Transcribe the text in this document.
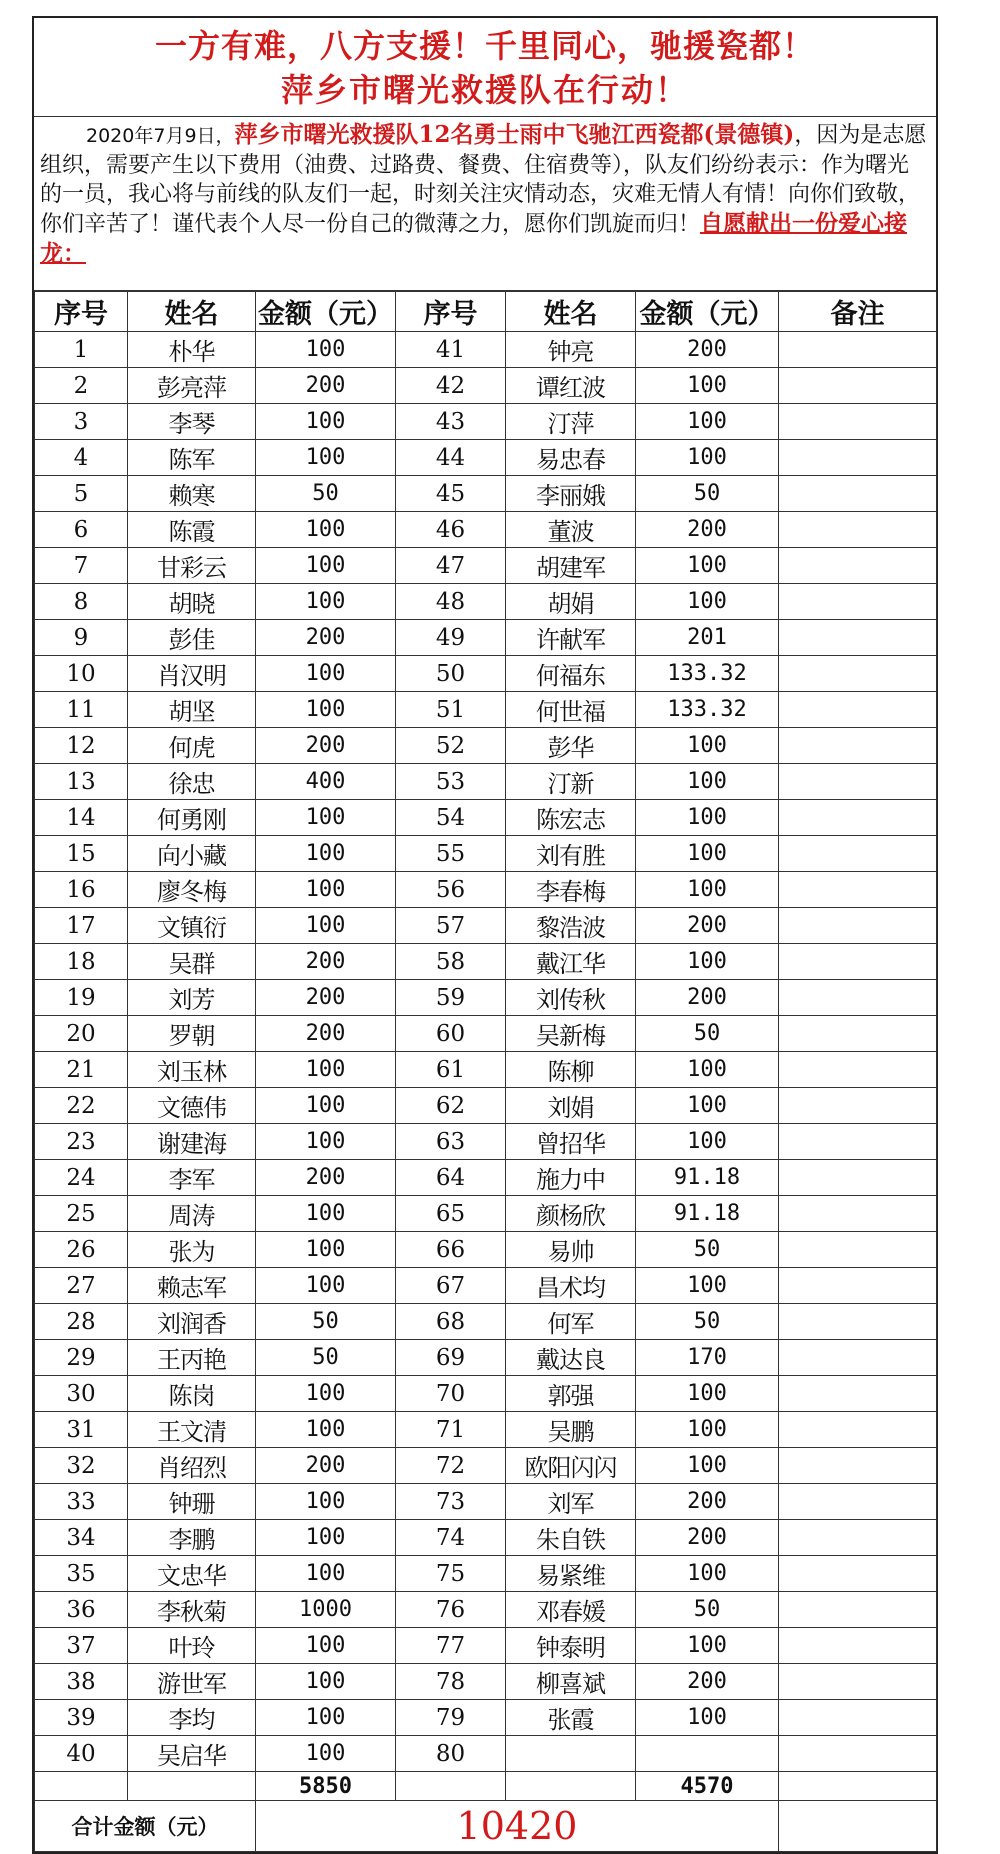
一方有难，八方支援！千里同心，驰援瓷都！
萍乡市曙光救援队在行动！
2020年7月9日，萍乡市曙光救援队12名勇士雨中飞驰江西瓷都(景德镇)，因为是志愿组织，需要产生以下费用（油费、过路费、餐费、住宿费等），队友们纷纷表示：作为曙光的一员，我心将与前线的队友们一起，时刻关注灾情动态，灾难无情人有情！向你们致敬，你们辛苦了！谨代表个人尽一份自己的微薄之力，愿你们凯旋而归！自愿献出一份爱心接龙：
序号	姓名	金额（元）	序号	姓名	金额（元）	备注
1	朴华	100	41	钟亮	200	
2	彭亮萍	200	42	谭红波	100	
3	李琴	100	43	汀萍	100	
4	陈军	100	44	易忠春	100	
5	赖寒	50	45	李丽娥	50	
6	陈霞	100	46	董波	200	
7	甘彩云	100	47	胡建军	100	
8	胡晓	100	48	胡娟	100	
9	彭佳	200	49	许献军	201	
10	肖汉明	100	50	何福东	133.32	
11	胡坚	100	51	何世福	133.32	
12	何虎	200	52	彭华	100	
13	徐忠	400	53	汀新	100	
14	何勇刚	100	54	陈宏志	100	
15	向小藏	100	55	刘有胜	100	
16	廖冬梅	100	56	李春梅	100	
17	文镇衍	100	57	黎浩波	200	
18	吴群	200	58	戴江华	100	
19	刘芳	200	59	刘传秋	200	
20	罗朝	200	60	吴新梅	50	
21	刘玉林	100	61	陈柳	100	
22	文德伟	100	62	刘娟	100	
23	谢建海	100	63	曾招华	100	
24	李军	200	64	施力中	91.18	
25	周涛	100	65	颜杨欣	91.18	
26	张为	100	66	易帅	50	
27	赖志军	100	67	昌术均	100	
28	刘润香	50	68	何军	50	
29	王丙艳	50	69	戴达良	170	
30	陈岗	100	70	郭强	100	
31	王文清	100	71	吴鹏	100	
32	肖绍烈	200	72	欧阳闪闪	100	
33	钟珊	100	73	刘军	200	
34	李鹏	100	74	朱自铁	200	
35	文忠华	100	75	易紧维	100	
36	李秋菊	1000	76	邓春媛	50	
37	叶玲	100	77	钟泰明	100	
38	游世军	100	78	柳喜斌	200	
39	李均	100	79	张霞	100	
40	吴启华	100	80			
		5850			4570	
合计金额（元）		10420				
